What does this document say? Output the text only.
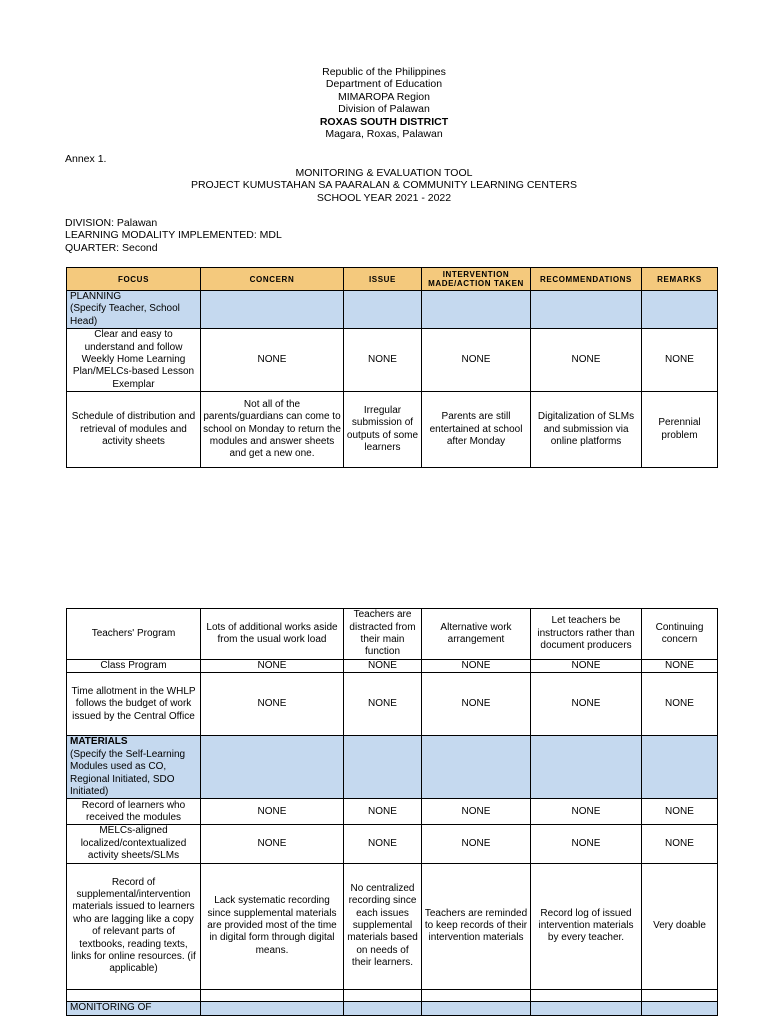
Republic of the Philippines
Department of Education
MIMAROPA Region
Division of Palawan
ROXAS SOUTH DISTRICT
Magara, Roxas, Palawan
Annex 1.
MONITORING & EVALUATION TOOL
PROJECT KUMUSTAHAN SA PAARALAN & COMMUNITY LEARNING CENTERS
SCHOOL YEAR 2021 - 2022
DIVISION: Palawan
LEARNING MODALITY IMPLEMENTED: MDL
QUARTER: Second
FOCUS	CONCERN	ISSUE	INTERVENTION MADE/ACTION TAKEN	RECOMMENDATIONS	REMARKS

PLANNING
(Specify Teacher, School Head)					

Clear and easy to understand and follow Weekly Home Learning Plan/MELCs-based Lesson Exemplar	NONE	NONE	NONE	NONE	NONE
Schedule of distribution and retrieval of modules and activity sheets	Not all of the parents/guardians can come to school on Monday to return the modules and answer sheets and get a new one.	Irregular submission of outputs of some learners	Parents are still entertained at school after Monday	Digitalization of SLMs and submission via online platforms	Perennial problem
Teachers' Program	Lots of additional works aside from the usual work load	Teachers are distracted from their main function	Alternative work arrangement	Let teachers be instructors rather than document producers	Continuing concern
Class Program	NONE	NONE	NONE	NONE	NONE
Time allotment in the WHLP follows the budget of work issued by the Central Office	NONE	NONE	NONE	NONE	NONE

MATERIALS
(Specify the Self-Learning Modules used as CO, Regional Initiated, SDO Initiated)					

Record of learners who received the modules	NONE	NONE	NONE	NONE	NONE
MELCs-aligned localized/contextualized activity sheets/SLMs	NONE	NONE	NONE	NONE	NONE
Record of supplemental/intervention materials issued to learners who are lagging like a copy of relevant parts of textbooks, reading texts, links for online resources. (if applicable)	Lack systematic recording since supplemental materials are provided most of the time in digital form through digital means.	No centralized recording since each issues supplemental materials based on needs of their learners.	Teachers are reminded to keep records of their intervention materials	Record log of issued intervention materials by every teacher.	Very doable

MONITORING OF					
